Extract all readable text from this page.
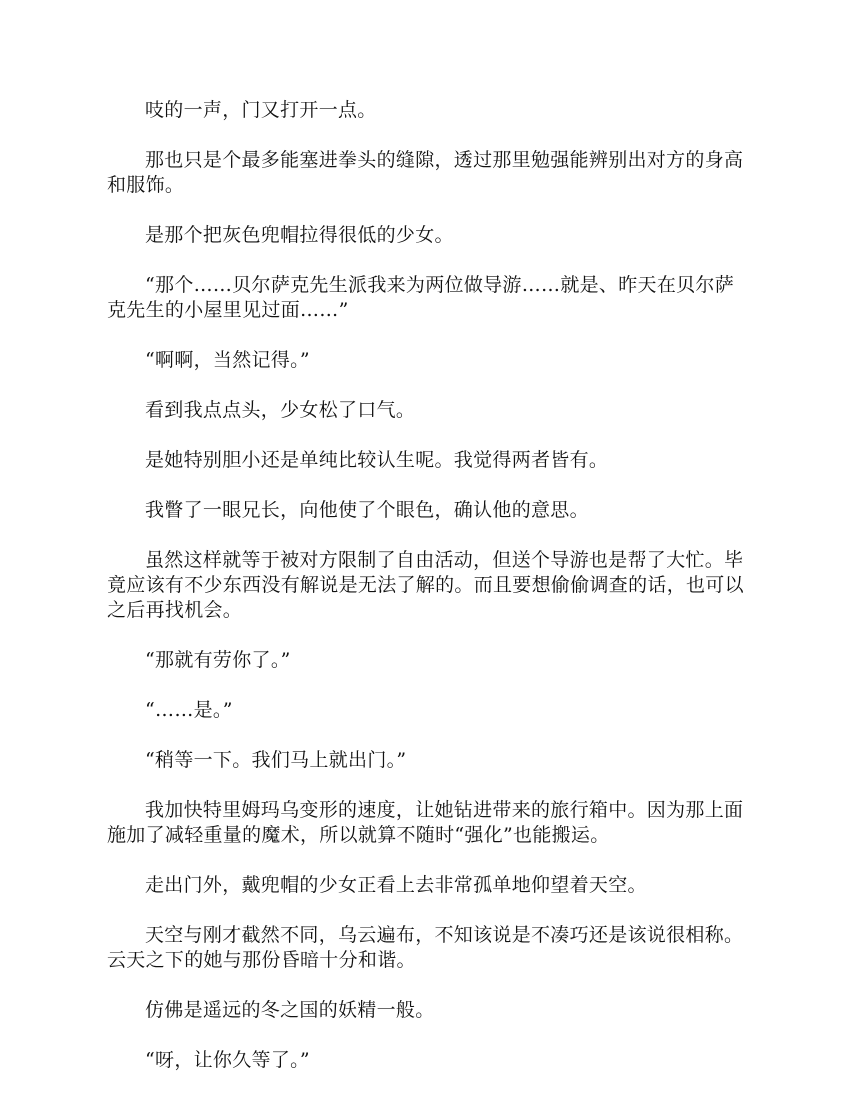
吱的一声，门又打开一点。

那也只是个最多能塞进拳头的缝隙，透过那里勉强能辨别出对方的身高和服饰。

是那个把灰色兜帽拉得很低的少女。

“那个……贝尔萨克先生派我来为两位做导游……就是、昨天在贝尔萨克先生的小屋里见过面……”

“啊啊，当然记得。”

看到我点点头，少女松了口气。

是她特别胆小还是单纯比较认生呢。我觉得两者皆有。

我瞥了一眼兄长，向他使了个眼色，确认他的意思。

虽然这样就等于被对方限制了自由活动，但送个导游也是帮了大忙。毕竟应该有不少东西没有解说是无法了解的。而且要想偷偷调查的话，也可以之后再找机会。

“那就有劳你了。”

“……是。”

“稍等一下。我们马上就出门。”

我加快特里姆玛乌变形的速度，让她钻进带来的旅行箱中。因为那上面施加了减轻重量的魔术，所以就算不随时“强化”也能搬运。

走出门外，戴兜帽的少女正看上去非常孤单地仰望着天空。

天空与刚才截然不同，乌云遍布，不知该说是不凑巧还是该说很相称。云天之下的她与那份昏暗十分和谐。

仿佛是遥远的冬之国的妖精一般。

“呀，让你久等了。”
